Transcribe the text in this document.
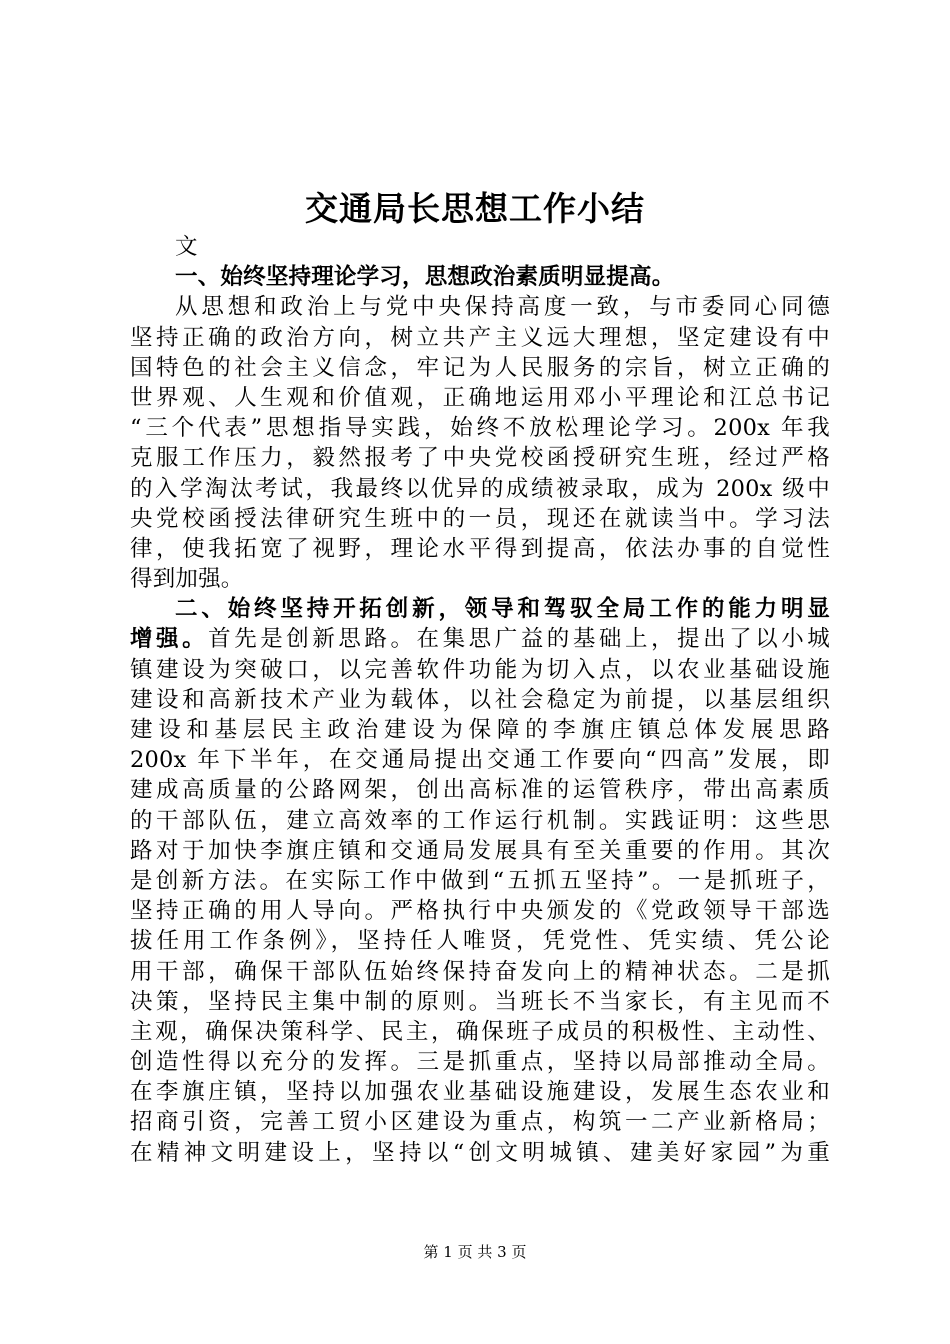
交通局长思想工作小结
文
一、始终坚持理论学习，思想政治素质明显提高。
从思想和政治上与党中央保持高度一致，与市委同心同德
坚持正确的政治方向，树立共产主义远大理想，坚定建设有中
国特色的社会主义信念，牢记为人民服务的宗旨，树立正确的
世界观、人生观和价值观，正确地运用邓小平理论和江总书记
“三个代表”思想指导实践，始终不放松理论学习。200x 年我
克服工作压力，毅然报考了中央党校函授研究生班，经过严格
的入学淘汰考试，我最终以优异的成绩被录取，成为 200x 级中
央党校函授法律研究生班中的一员，现还在就读当中。学习法
律，使我拓宽了视野，理论水平得到提高，依法办事的自觉性
得到加强。
二、始终坚持开拓创新，领导和驾驭全局工作的能力明显
增强。首先是创新思路。在集思广益的基础上，提出了以小城
镇建设为突破口，以完善软件功能为切入点，以农业基础设施
建设和高新技术产业为载体，以社会稳定为前提，以基层组织
建设和基层民主政治建设为保障的李旗庄镇总体发展思路
200x 年下半年，在交通局提出交通工作要向“四高”发展，即
建成高质量的公路网架，创出高标准的运管秩序，带出高素质
的干部队伍，建立高效率的工作运行机制。实践证明：这些思
路对于加快李旗庄镇和交通局发展具有至关重要的作用。其次
是创新方法。在实际工作中做到“五抓五坚持”。一是抓班子，
坚持正确的用人导向。严格执行中央颁发的《党政领导干部选
拔任用工作条例》，坚持任人唯贤，凭党性、凭实绩、凭公论
用干部，确保干部队伍始终保持奋发向上的精神状态。二是抓
决策，坚持民主集中制的原则。当班长不当家长，有主见而不
主观，确保决策科学、民主，确保班子成员的积极性、主动性、
创造性得以充分的发挥。三是抓重点，坚持以局部推动全局。
在李旗庄镇，坚持以加强农业基础设施建设，发展生态农业和
招商引资，完善工贸小区建设为重点，构筑一二产业新格局；
在精神文明建设上，坚持以“创文明城镇、建美好家园”为重
第 1 页 共 3 页
